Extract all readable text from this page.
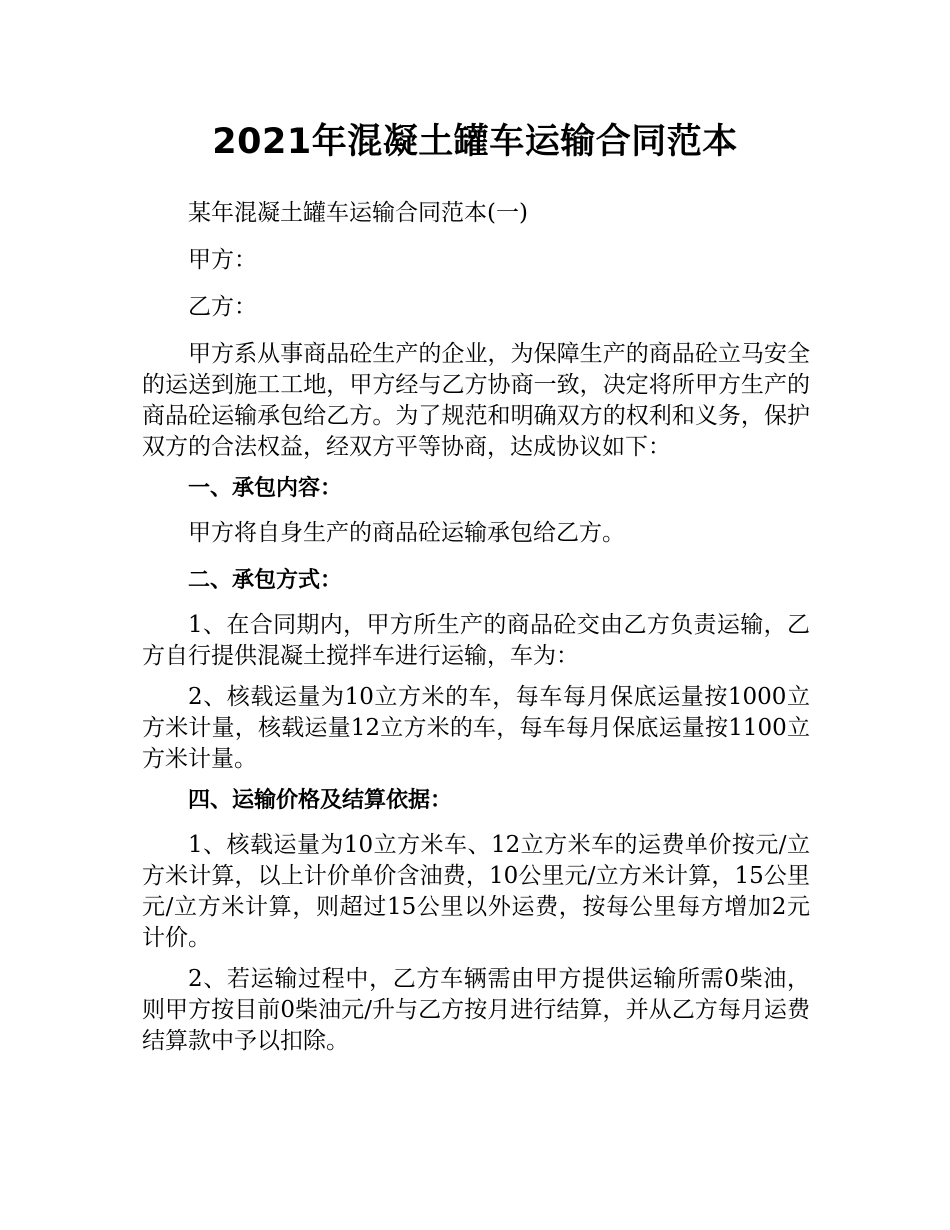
2021年混凝土罐车运输合同范本

某年混凝土罐车运输合同范本(一)

甲方：

乙方：

甲方系从事商品砼生产的企业，为保障生产的商品砼立马安全的运送到施工工地，甲方经与乙方协商一致，决定将所甲方生产的商品砼运输承包给乙方。为了规范和明确双方的权利和义务，保护双方的合法权益，经双方平等协商，达成协议如下：

一、承包内容：

甲方将自身生产的商品砼运输承包给乙方。

二、承包方式：

1、在合同期内，甲方所生产的商品砼交由乙方负责运输，乙方自行提供混凝土搅拌车进行运输，车为：

2、核载运量为10立方米的车，每车每月保底运量按1000立方米计量，核载运量12立方米的车，每车每月保底运量按1100立方米计量。

四、运输价格及结算依据：

1、核载运量为10立方米车、12立方米车的运费单价按元/立方米计算，以上计价单价含油费，10公里元/立方米计算，15公里元/立方米计算，则超过15公里以外运费，按每公里每方增加2元计价。

2、若运输过程中，乙方车辆需由甲方提供运输所需0柴油，则甲方按目前0柴油元/升与乙方按月进行结算，并从乙方每月运费结算款中予以扣除。
